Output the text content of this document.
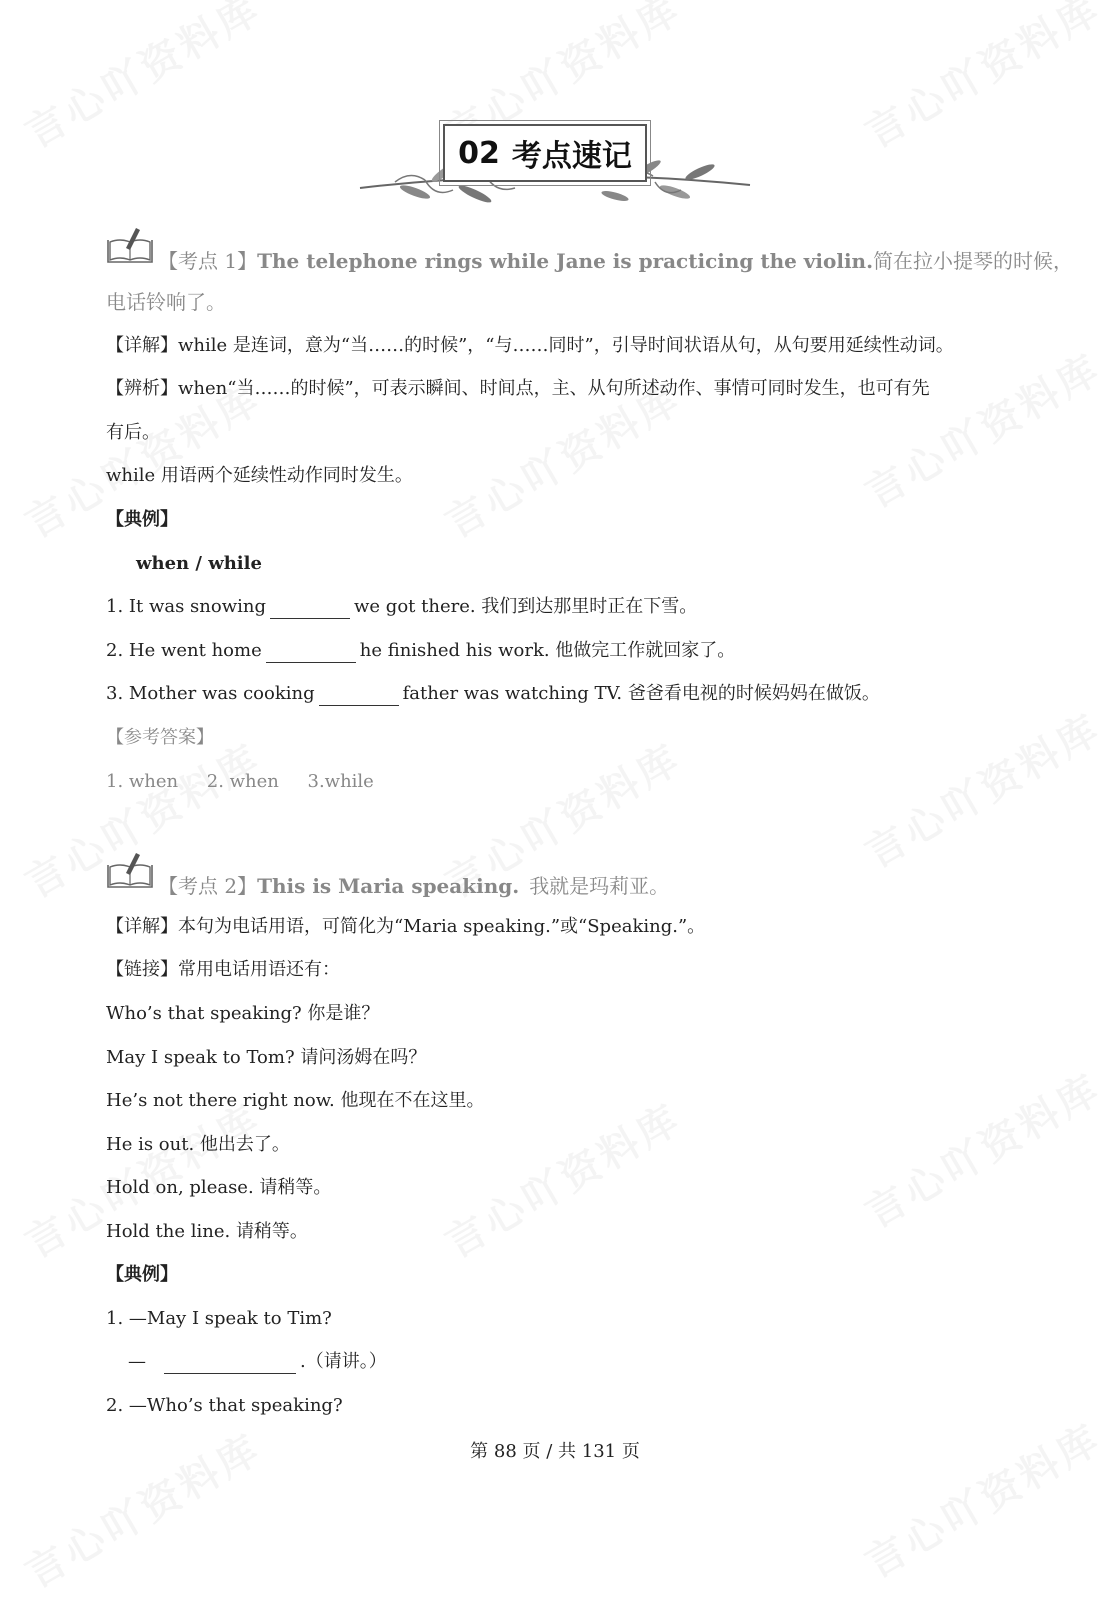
02 考点速记
【考点 1】The telephone rings while Jane is practicing the violin.简在拉小提琴的时候，
电话铃响了。
【详解】while 是连词，意为“当……的时候”，“与……同时”，引导时间状语从句，从句要用延续性动词。
【辨析】when“当……的时候”，可表示瞬间、时间点，主、从句所述动作、事情可同时发生，也可有先
有后。
while 用语两个延续性动作同时发生。
【典例】
when / while
1. It was snowing	we got there. 我们到达那里时正在下雪。
2. He went home	he finished his work. 他做完工作就回家了。
3. Mother was cooking	father was watching TV. 爸爸看电视的时候妈妈在做饭。
【参考答案】
1. when     2. when     3.while
【考点 2】This is Maria speaking. 我就是玛莉亚。
【详解】本句为电话用语，可简化为“Maria speaking.”或“Speaking.”。
【链接】常用电话用语还有：
Who’s that speaking? 你是谁？
May I speak to Tom? 请问汤姆在吗？
He’s not there right now. 他现在不在这里。
He is out. 他出去了。
Hold on, please. 请稍等。
Hold the line. 请稍等。
【典例】
1. —May I speak to Tim?
—	.（请讲。）
2. —Who’s that speaking?
第 88 页 / 共 131 页
